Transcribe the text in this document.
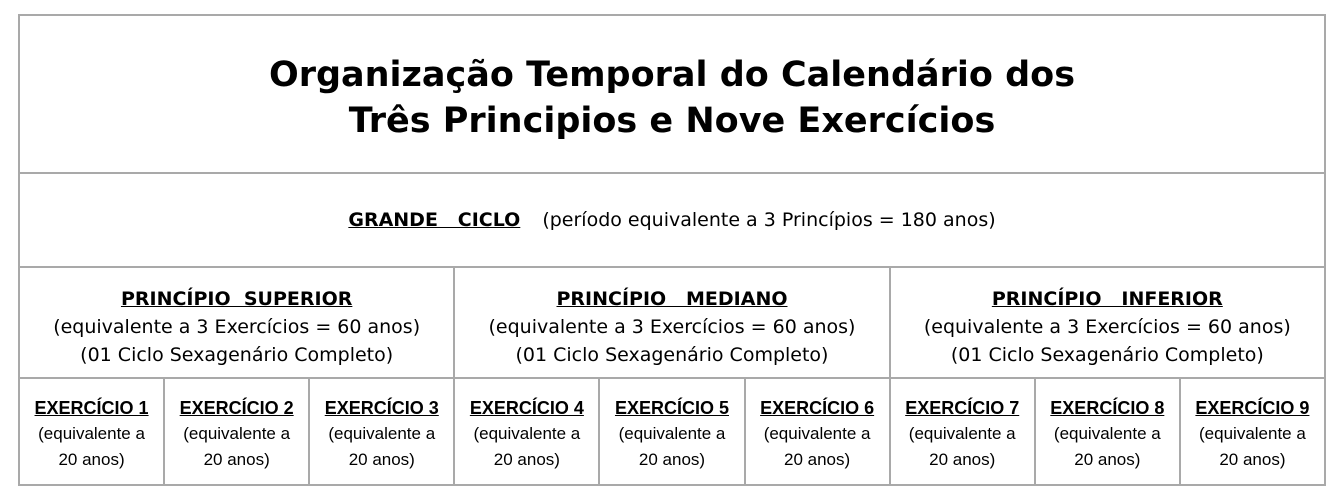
Organização Temporal do Calendário dos
Três Principios e Nove Exercícios
GRANDE   CICLO (período equivalente a 3 Princípios = 180 anos)
PRINCÍPIO  SUPERIOR
(equivalente a 3 Exercícios = 60 anos)
(01 Ciclo Sexagenário Completo)
PRINCÍPIO   MEDIANO
(equivalente a 3 Exercícios = 60 anos)
(01 Ciclo Sexagenário Completo)
PRINCÍPIO   INFERIOR
(equivalente a 3 Exercícios = 60 anos)
(01 Ciclo Sexagenário Completo)
EXERCÍCIO 1
(equivalente a
20 anos)
EXERCÍCIO 2
(equivalente a
20 anos)
EXERCÍCIO 3
(equivalente a
20 anos)
EXERCÍCIO 4
(equivalente a
20 anos)
EXERCÍCIO 5
(equivalente a
20 anos)
EXERCÍCIO 6
(equivalente a
20 anos)
EXERCÍCIO 7
(equivalente a
20 anos)
EXERCÍCIO 8
(equivalente a
20 anos)
EXERCÍCIO 9
(equivalente a
20 anos)
